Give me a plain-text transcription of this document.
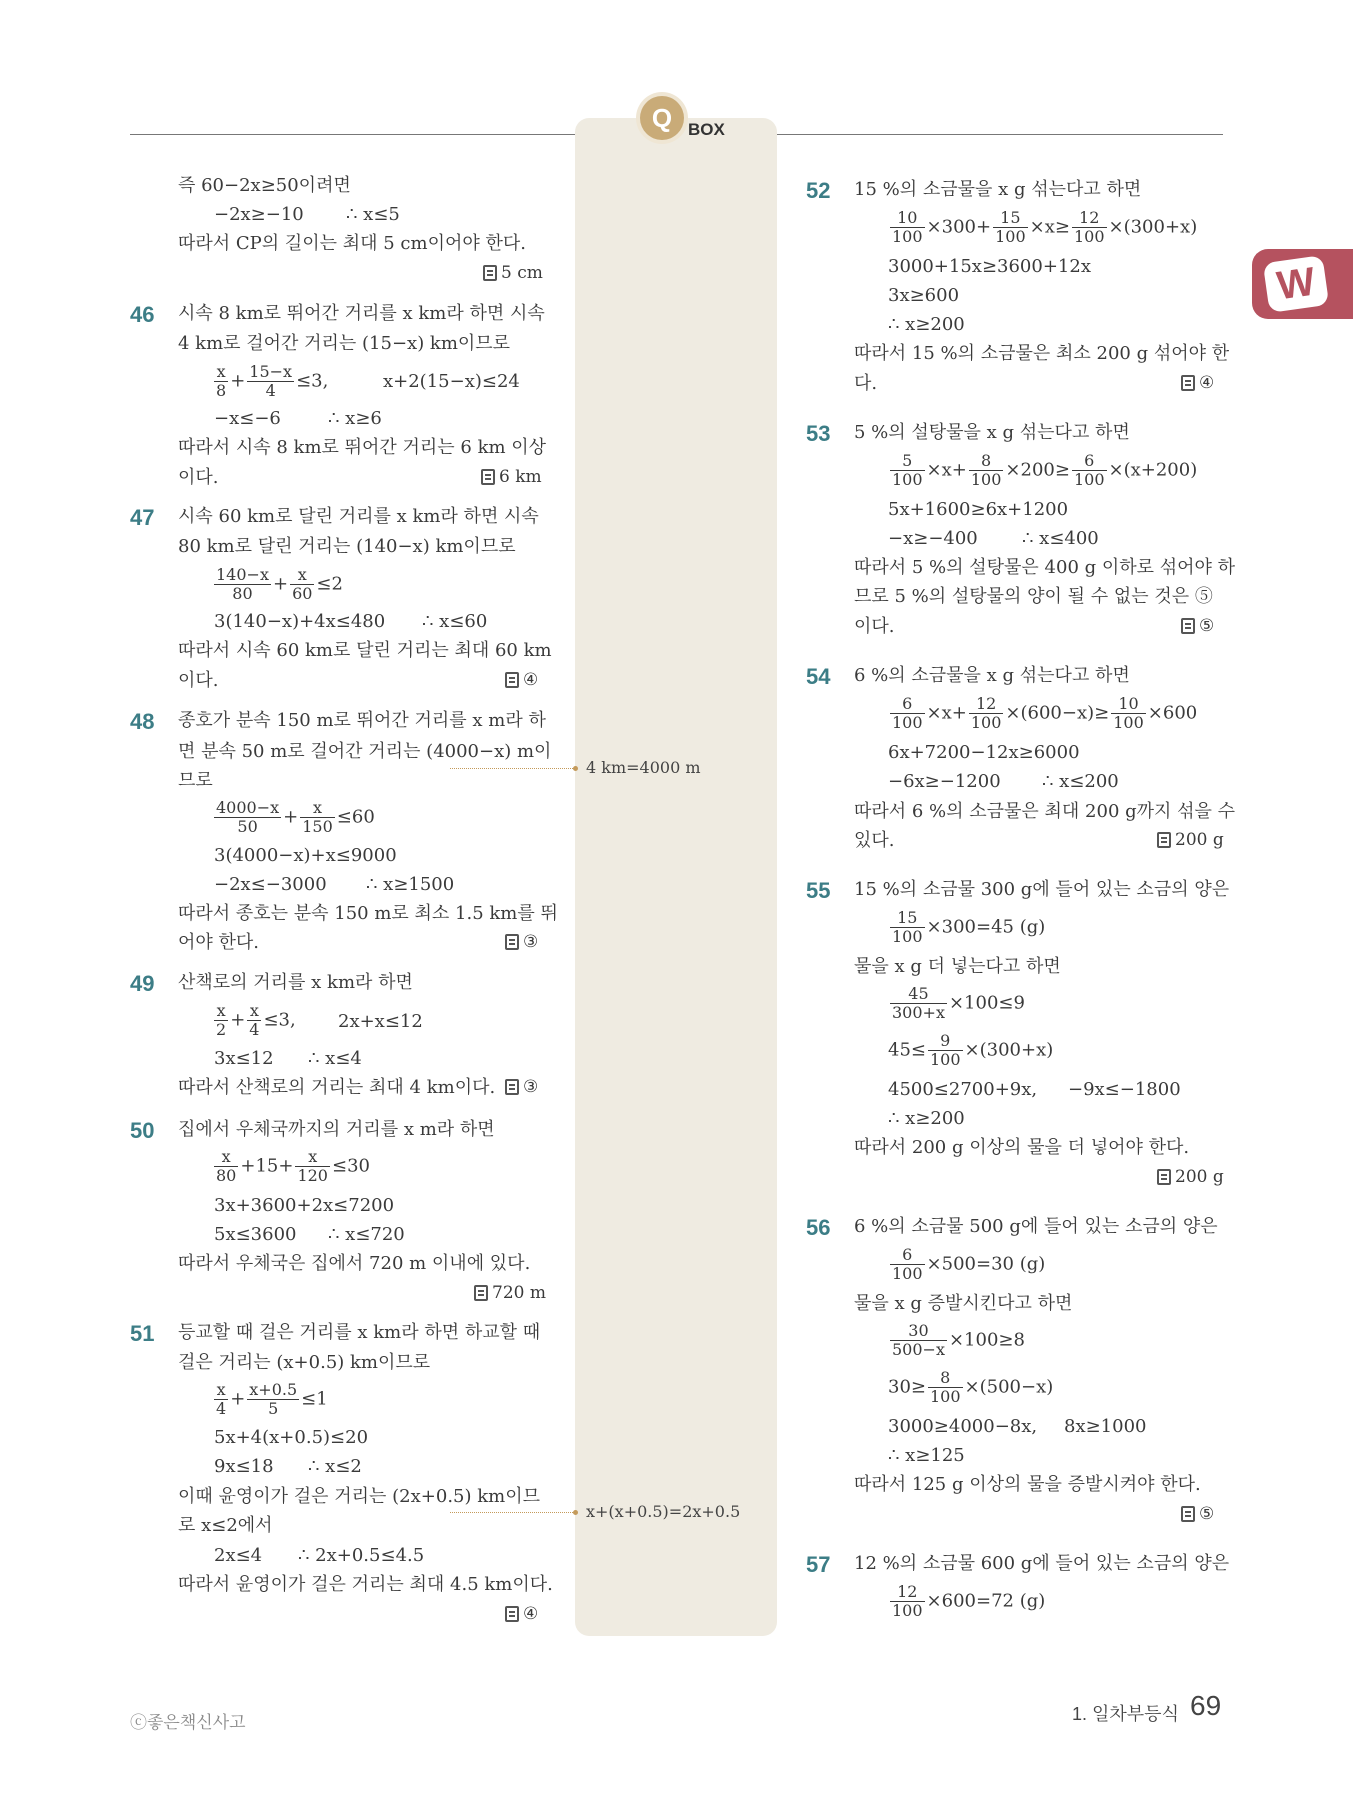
Q BOX
W
즉 60−2x≥50이려면
−2x≥−10 ∴ x≤5
따라서 CP의 길이는 최대 5 cm이어야 한다.
5 cm
46 시속 8 km로 뛰어간 거리를 x km라 하면 시속
4 km로 걸어간 거리는 (15−x) km이므로
$\frac{x}{8} + \frac{15-x}{4} \le 3$,	x+2(15−x)≤24
−x≤−6	∴ x≥6
따라서 시속 8 km로 뛰어간 거리는 6 km 이상
이다.	6 km
47 시속 60 km로 달린 거리를 x km라 하면 시속
80 km로 달린 거리는 (140−x) km이므로
$\frac{140-x}{80} + \frac{x}{60} \le 2$
3(140−x)+4x≤480 ∴ x≤60
따라서 시속 60 km로 달린 거리는 최대 60 km
이다.	④
48 종호가 분속 150 m로 뛰어간 거리를 x m라 하
면 분속 50 m로 걸어간 거리는 (4000−x) m이
므로
$\frac{4000-x}{50} + \frac{x}{150} \le 60$
3(4000−x)+x≤9000
−2x≤−3000 ∴ x≥1500
따라서 종호는 분속 150 m로 최소 1.5 km를 뛰
어야 한다.	③
49 산책로의 거리를 x km라 하면
$\frac{x}{2} + \frac{x}{4} \le 3$, 2x+x≤12
3x≤12 ∴ x≤4
따라서 산책로의 거리는 최대 4 km이다. ③
50 집에서 우체국까지의 거리를 x m라 하면
$\frac{x}{80} +15+ \frac{x}{120} \le 30$
3x+3600+2x≤7200
5x≤3600 ∴ x≤720
따라서 우체국은 집에서 720 m 이내에 있다.
720 m
51 등교할 때 걸은 거리를 x km라 하면 하교할 때
걸은 거리는 (x+0.5) km이므로
$\frac{x}{4} + \frac{x+0.5}{5} \le 1$
5x+4(x+0.5)≤20
9x≤18 ∴ x≤2
이때 윤영이가 걸은 거리는 (2x+0.5) km이므
로 x≤2에서
2x≤4 ∴ 2x+0.5≤4.5
따라서 윤영이가 걸은 거리는 최대 4.5 km이다.
④
4 km=4000 m
x+(x+0.5)=2x+0.5
52 15 %의 소금물을 x g 섞는다고 하면
$\frac{10}{100} \times 300+ \frac{15}{100} \times x\ge \frac{12}{100} \times(300+x)$
3000+15x≥3600+12x
3x≥600
∴ x≥200
따라서 15 %의 소금물은 최소 200 g 섞어야 한
다.	④
53 5 %의 설탕물을 x g 섞는다고 하면
$\frac{5}{100} \times x+ \frac{8}{100} \times 200\ge \frac{6}{100} \times(x+200)$
5x+1600≥6x+1200
−x≥−400 ∴ x≤400
따라서 5 %의 설탕물은 400 g 이하로 섞어야 하
므로 5 %의 설탕물의 양이 될 수 없는 것은 ⑤
이다.	⑤
54 6 %의 소금물을 x g 섞는다고 하면
$\frac{6}{100} \times x+ \frac{12}{100} \times(600-x)\ge \frac{10}{100} \times 600$
6x+7200−12x≥6000
−6x≥−1200 ∴ x≤200
따라서 6 %의 소금물은 최대 200 g까지 섞을 수
있다.	200 g
55 15 %의 소금물 300 g에 들어 있는 소금의 양은
$\frac{15}{100} \times 300=45$ (g)
물을 x g 더 넣는다고 하면
$\frac{45}{300+x} \times 100\le 9$
$45\le \frac{9}{100} \times(300+x)$
4500≤2700+9x, −9x≤−1800
∴ x≥200
따라서 200 g 이상의 물을 더 넣어야 한다.
200 g
56 6 %의 소금물 500 g에 들어 있는 소금의 양은
$\frac{6}{100} \times 500=30$ (g)
물을 x g 증발시킨다고 하면
$\frac{30}{500-x} \times 100\ge 8$
$30\ge \frac{8}{100} \times(500-x)$
3000≥4000−8x, 8x≥1000
∴ x≥125
따라서 125 g 이상의 물을 증발시켜야 한다.
⑤
57 12 %의 소금물 600 g에 들어 있는 소금의 양은
$\frac{12}{100} \times 600=72$ (g)
ⓒ좋은책신사고	1. 일차부등식 69
